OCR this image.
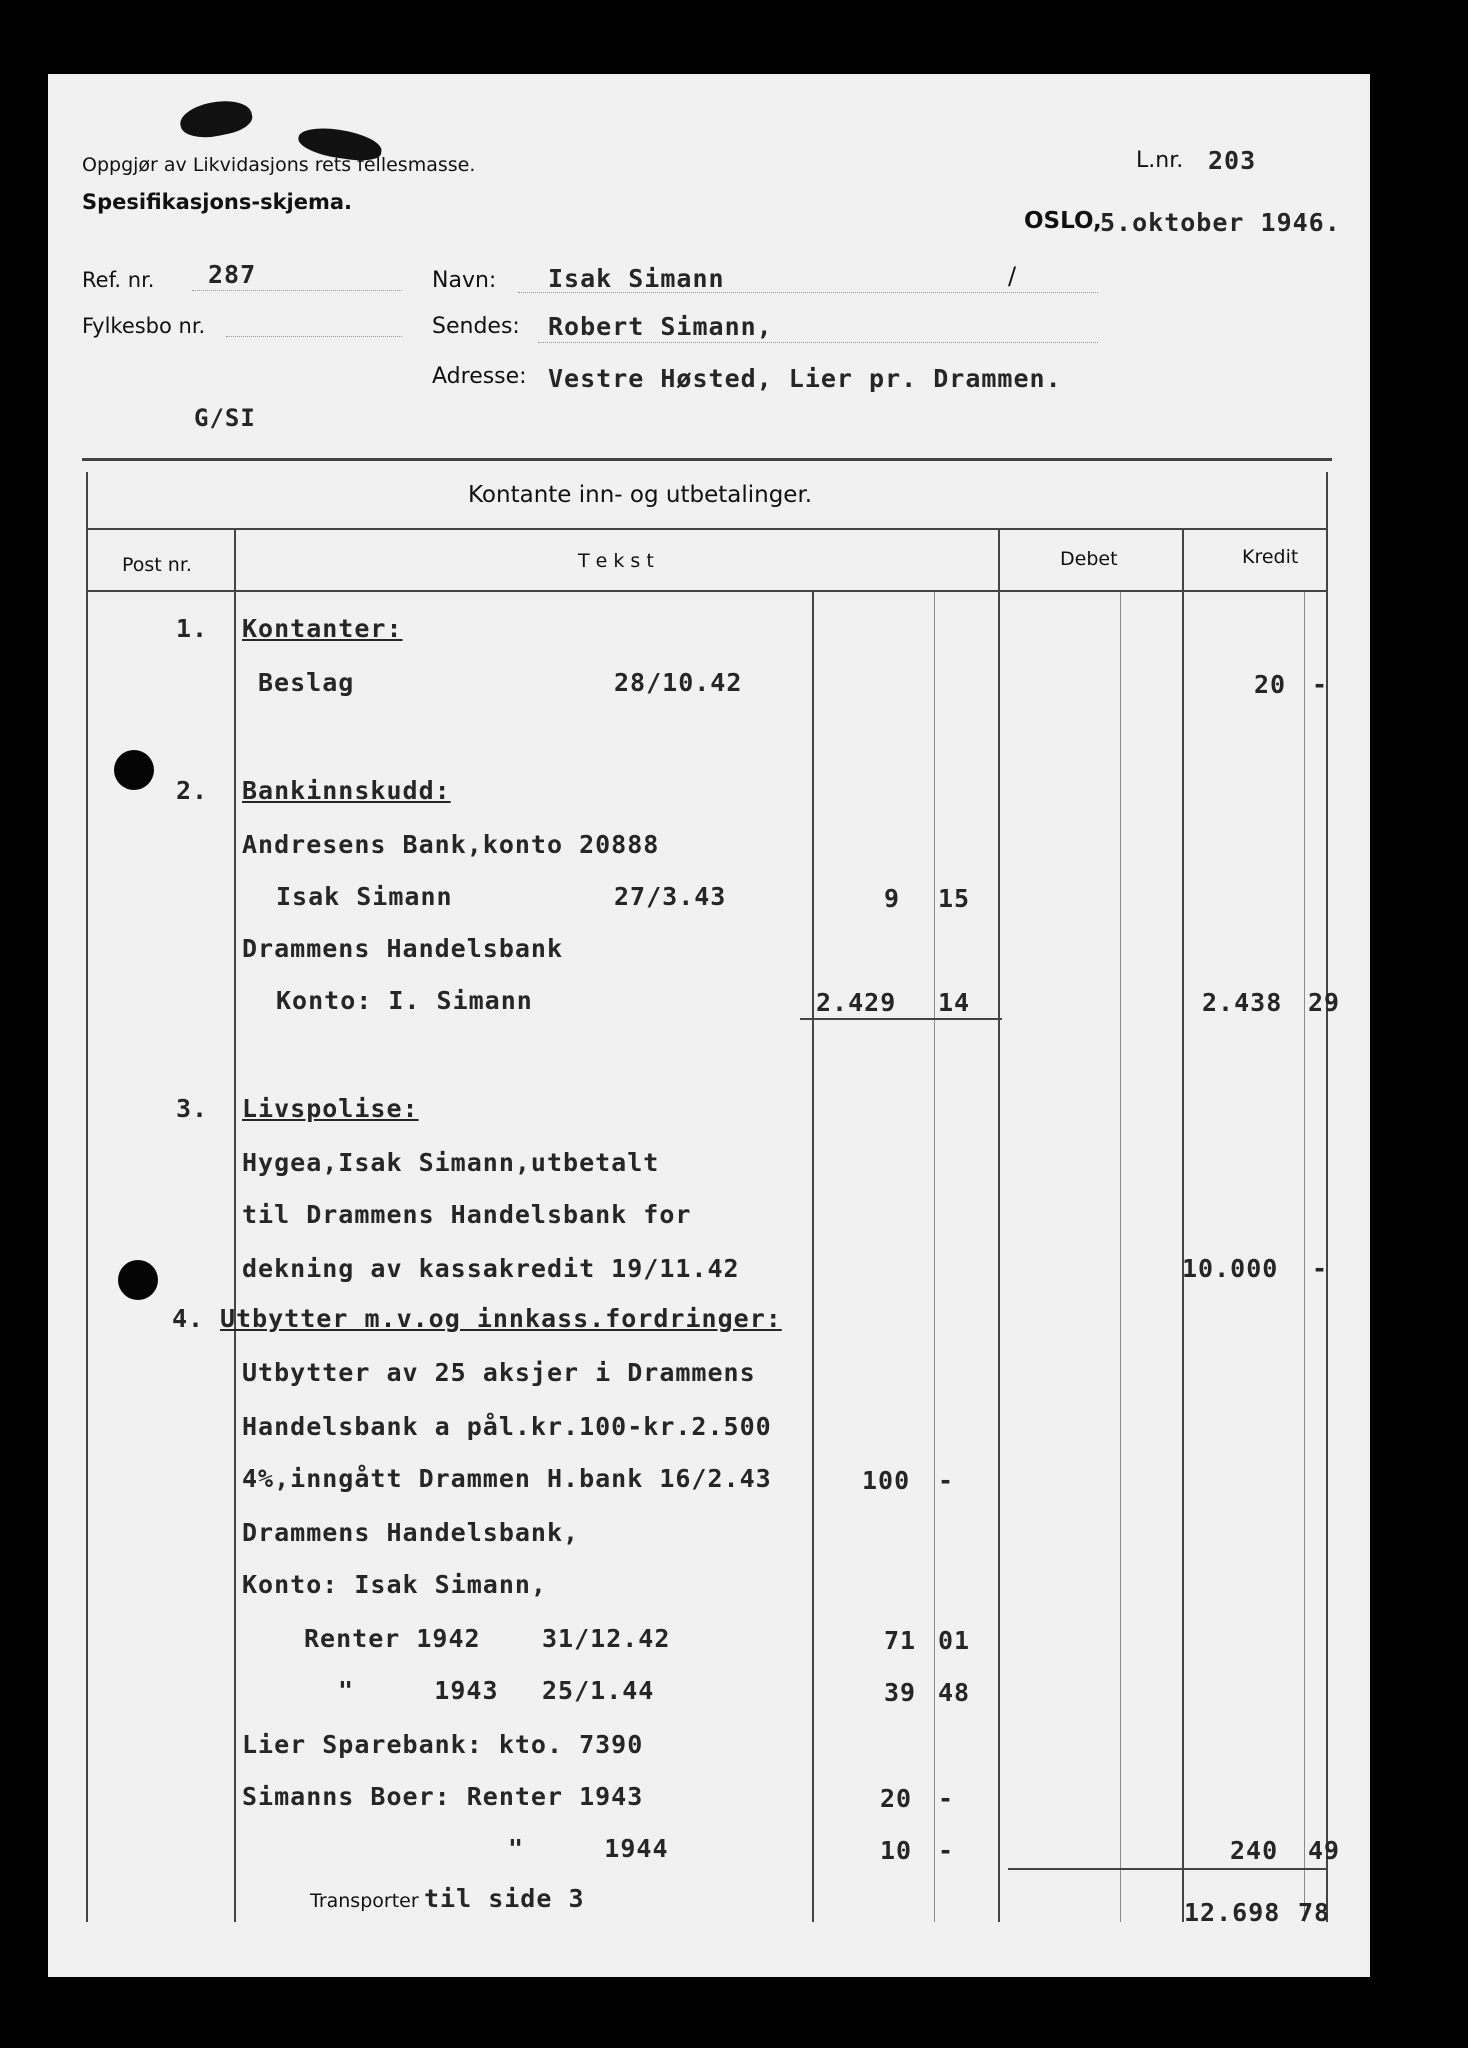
Oppgjør av Likvidasjons rets fellesmasse.
Spesifikasjons-skjema.
L.nr. 203
OSLO,
5.oktober 1946.
Ref. nr. 287
Fylkesbo nr.
G/SI
Navn: Isak Simann	/
Sendes: Robert Simann,
Adresse: Vestre Høsted, Lier pr. Drammen.
Kontante inn- og utbetalinger.
Post nr.	T e k s t	Debet	Kredit
1. Kontanter:
Beslag	28/10.42	20 -
2. Bankinnskudd:
Andresens Bank,konto 20888
Isak Simann	27/3.43	9 15
Drammens Handelsbank
Konto: I. Simann	2.429 14	2.438 29
3. Livspolise:
Hygea,Isak Simann,utbetalt
til Drammens Handelsbank for
dekning av kassakredit 19/11.42	10.000 -
4. Utbytter m.v.og innkass.fordringer:
Utbytter av 25 aksjer i Drammens
Handelsbank a pål.kr.100-kr.2.500
4%,inngått Drammen H.bank 16/2.43	100 -
Drammens Handelsbank,
Konto: Isak Simann,
Renter 1942 31/12.42	71 01
"     1943 25/1.44	39 48
Lier Sparebank: kto. 7390
Simanns Boer: Renter 1943	20 -
"     1944	10 -	240 49
Transporter til side 3	12.698 78
